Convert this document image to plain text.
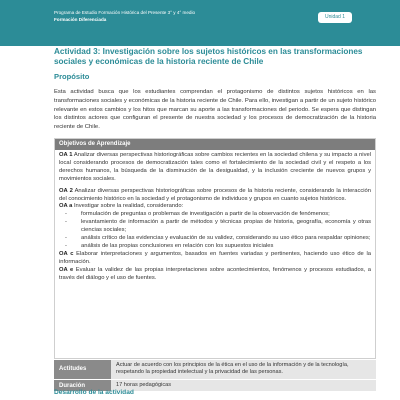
Programa de Estudio Formación Histórica del Presente 3° y 4° medio
Formación Diferenciada	Unidad 1
Actividad 3: Investigación sobre los sujetos históricos en las transformaciones sociales y económicas de la historia reciente de Chile
Propósito
Esta actividad busca que los estudiantes comprendan el protagonismo de distintos sujetos históricos en las transformaciones sociales y económicas de la historia reciente de Chile. Para ello, investigan a partir de un sujeto histórico relevante en estos cambios y los hitos que marcan su aporte a las transformaciones del periodo. Se espera que distingan los distintos actores que configuran el presente de nuestra sociedad y los procesos de democratización de la historia reciente de Chile.
Objetivos de Aprendizaje

OA 1 Analizar diversas perspectivas historiográficas sobre cambios recientes en la sociedad chilena y su impacto a nivel local considerando procesos de democratización tales como el fortalecimiento de la sociedad civil y el respeto a los derechos humanos, la búsqueda de la disminución de la desigualdad, y la inclusión creciente de nuevos grupos y movimientos sociales.

OA 2 Analizar diversas perspectivas historiográficas sobre procesos de la historia reciente, considerando la interacción del conocimiento histórico en la sociedad y el protagonismo de individuos y grupos en cuanto sujetos históricos.

OA a Investigar sobre la realidad, considerando:
- formulación de preguntas o problemas de investigación a partir de la observación de fenómenos;
- levantamiento de información a partir de métodos y técnicas propias de historia, geografía, economía y otras ciencias sociales;
- análisis crítico de las evidencias y evaluación de su validez, considerando su uso ético para respaldar opiniones;
- análisis de las propias conclusiones en relación con los supuestos iniciales
OA c Elaborar interpretaciones y argumentos, basados en fuentes variadas y pertinentes, haciendo uso ético de la información.
OA e Evaluar la validez de las propias interpretaciones sobre acontecimientos, fenómenos y procesos estudiados, a través del diálogo y el uso de fuentes.
Actitudes
Actuar de acuerdo con los principios de la ética en el uso de la información y de la tecnología, respetando la propiedad intelectual y la privacidad de las personas.
Duración	17 horas pedagógicas
Desarrollo de la actividad
